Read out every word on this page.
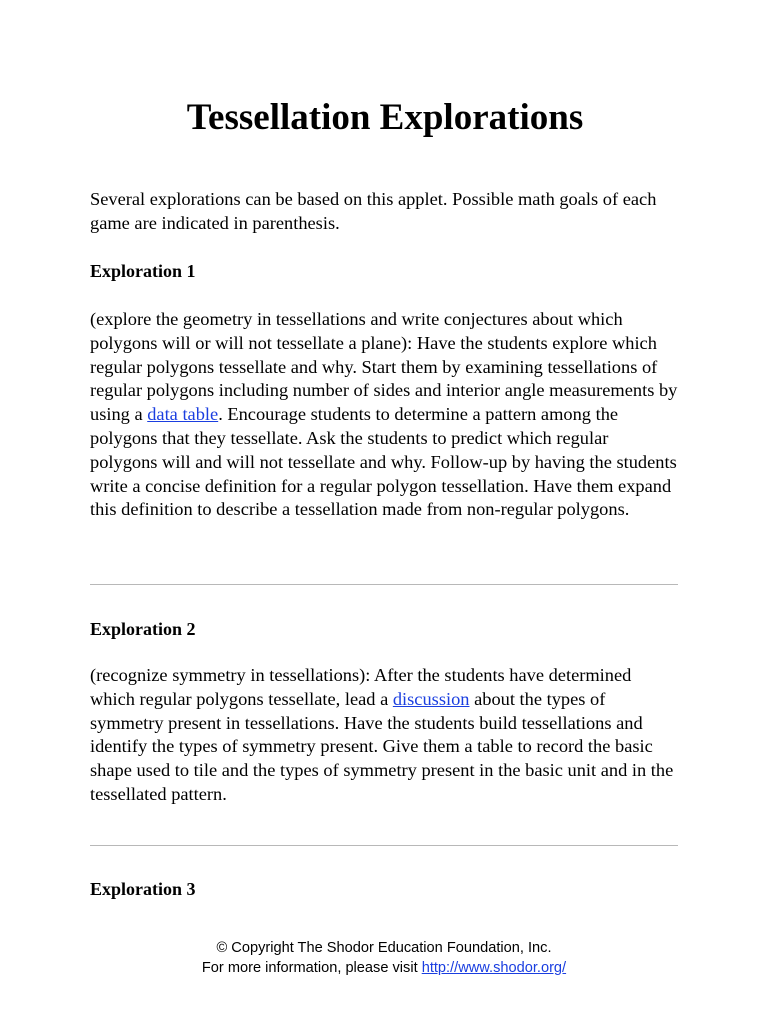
Tessellation Explorations

Several explorations can be based on this applet. Possible math goals of each game are indicated in parenthesis.

Exploration 1

(explore the geometry in tessellations and write conjectures about which polygons will or will not tessellate a plane): Have the students explore which regular polygons tessellate and why. Start them by examining tessellations of regular polygons including number of sides and interior angle measurements by using a data table. Encourage students to determine a pattern among the polygons that they tessellate. Ask the students to predict which regular polygons will and will not tessellate and why. Follow-up by having the students write a concise definition for a regular polygon tessellation. Have them expand this definition to describe a tessellation made from non-regular polygons.

Exploration 2

(recognize symmetry in tessellations): After the students have determined which regular polygons tessellate, lead a discussion about the types of symmetry present in tessellations. Have the students build tessellations and identify the types of symmetry present. Give them a table to record the basic shape used to tile and the types of symmetry present in the basic unit and in the tessellated pattern.

Exploration 3

© Copyright The Shodor Education Foundation, Inc.
For more information, please visit http://www.shodor.org/
